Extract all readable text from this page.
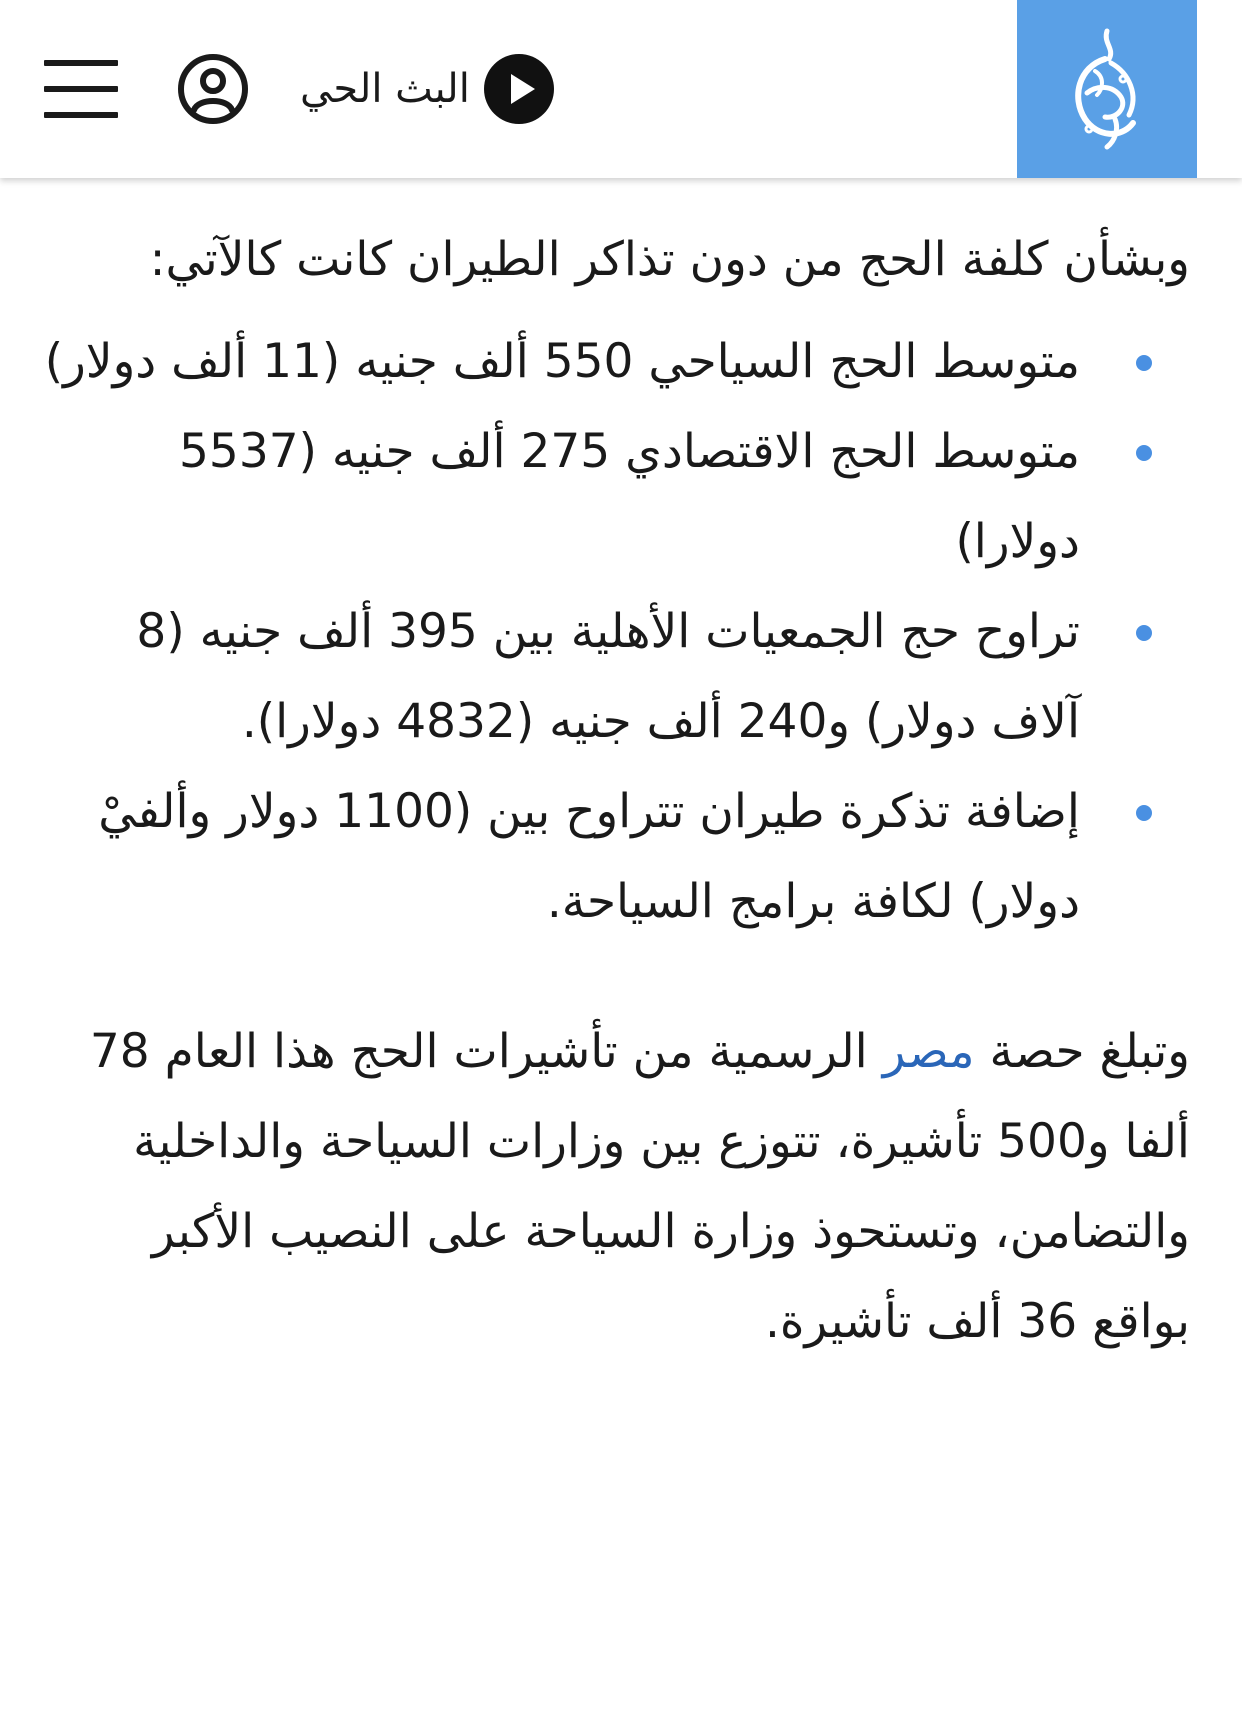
البث الحي

وبشأن كلفة الحج من دون تذاكر الطيران كانت كالآتي:

متوسط الحج السياحي 550 ألف جنيه (11 ألف دولار)
متوسط الحج الاقتصادي 275 ألف جنيه (5537 دولارا)
تراوح حج الجمعيات الأهلية بين 395 ألف جنيه (8 آلاف دولار) و240 ألف جنيه (4832 دولارا).
إضافة تذكرة طيران تتراوح بين (1100 دولار وألفيْ دولار) لكافة برامج السياحة.

وتبلغ حصة مصر الرسمية من تأشيرات الحج هذا العام 78 ألفا و500 تأشيرة، تتوزع بين وزارات السياحة والداخلية والتضامن، وتستحوذ وزارة السياحة على النصيب الأكبر بواقع 36 ألف تأشيرة.
